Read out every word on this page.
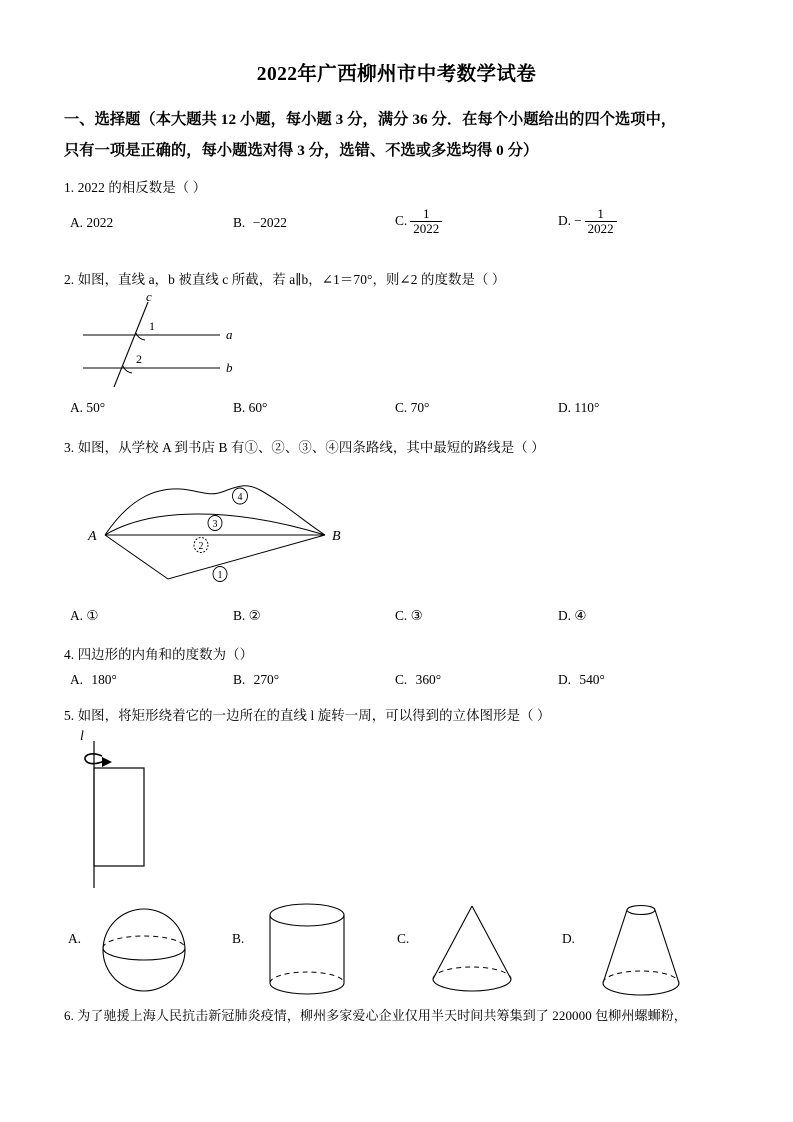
2022年广西柳州市中考数学试卷
一、选择题（本大题共 12 小题，每小题 3 分，满分 36 分．在每个小题给出的四个选项中，
只有一项是正确的，每小题选对得 3 分，选错、不选或多选均得 0 分）
1. 2022 的相反数是（ ）
A. 2022	B. −2022	C. $\frac{1}{2022}$	D. − $\frac{1}{2022}$
2. 如图，直线 a，b 被直线 c 所截，若 a∥b，∠1＝70°，则∠2 的度数是（ ）
c
a
b
1
2
A. 50°	B. 60°	C. 70°	D. 110°
3. 如图，从学校 A 到书店 B 有①、②、③、④四条路线，其中最短的路线是（ ）
A	B
4
3
2
1
A. ①	B. ②	C. ③	D. ④
4. 四边形的内角和的度数为（）
A. 180°	B. 270°	C. 360°	D. 540°
5. 如图，将矩形绕着它的一边所在的直线 l 旋转一周，可以得到的立体图形是（ ）
l
A.	B.	C.	D.
6. 为了驰援上海人民抗击新冠肺炎疫情，柳州多家爱心企业仅用半天时间共筹集到了 220000 包柳州螺蛳粉，
